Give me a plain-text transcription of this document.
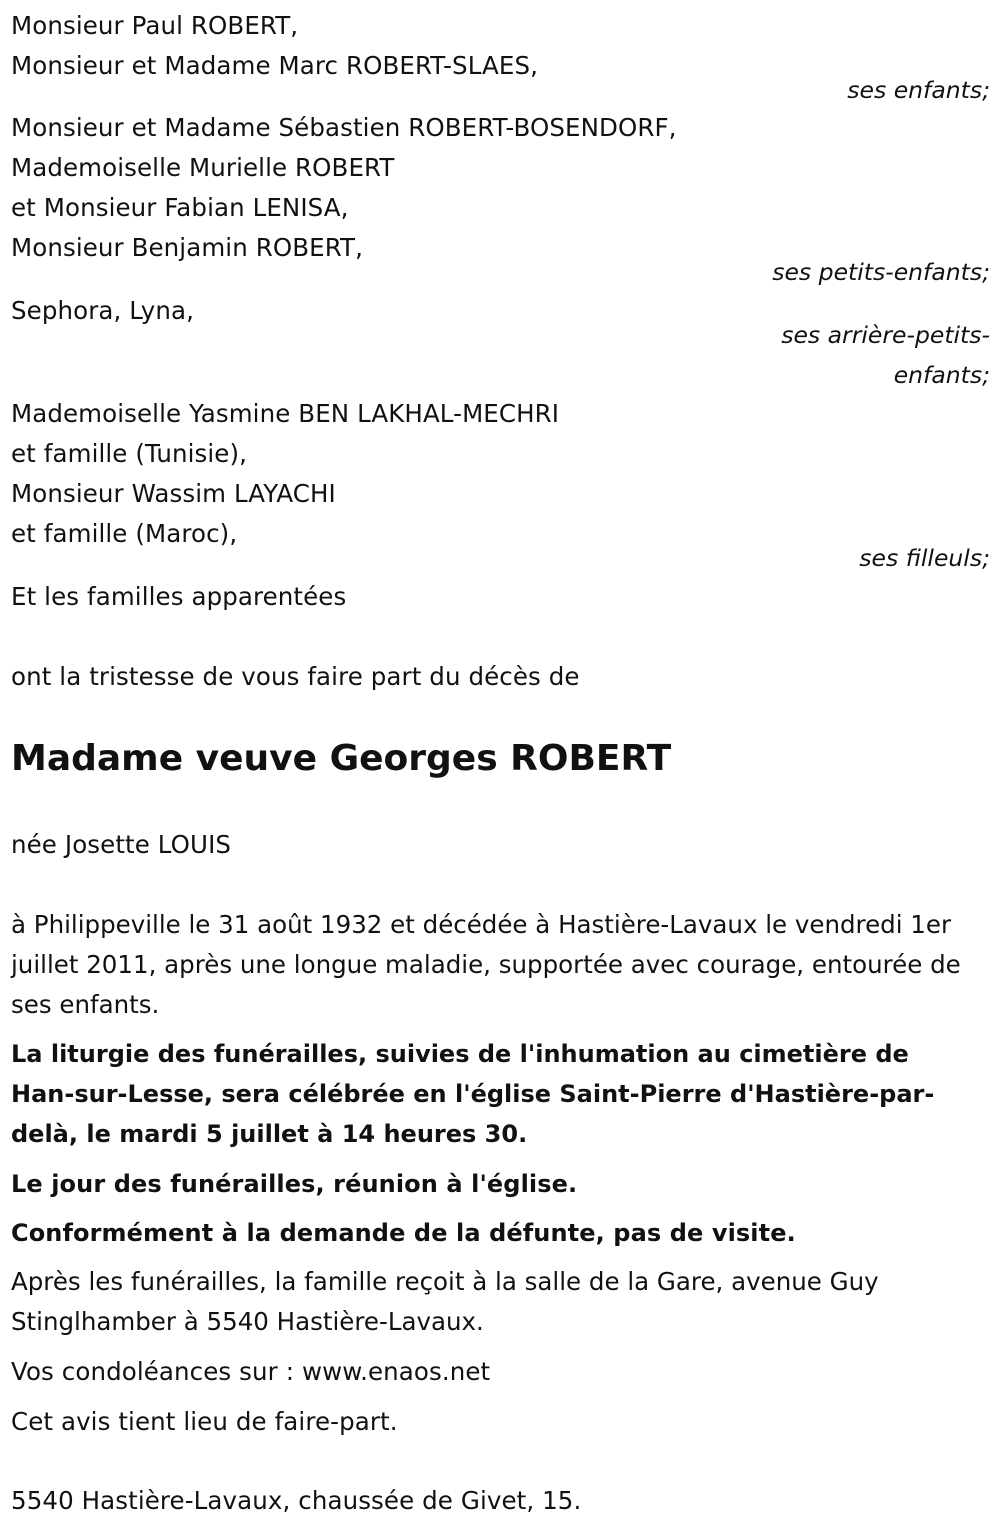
Monsieur Paul ROBERT,
Monsieur et Madame Marc ROBERT-SLAES,
ses enfants;
Monsieur et Madame Sébastien ROBERT-BOSENDORF,
Mademoiselle Murielle ROBERT
et Monsieur Fabian LENISA,
Monsieur Benjamin ROBERT,
ses petits-enfants;
Sephora, Lyna,
ses arrière-petits-
enfants;
Mademoiselle Yasmine BEN LAKHAL-MECHRI
et famille (Tunisie),
Monsieur Wassim LAYACHI
et famille (Maroc),
ses filleuls;
Et les familles apparentées
ont la tristesse de vous faire part du décès de
Madame veuve Georges ROBERT
née Josette LOUIS
à Philippeville le 31 août 1932 et décédée à Hastière-Lavaux le vendredi 1er juillet 2011, après une longue maladie, supportée avec courage, entourée de ses enfants.
La liturgie des funérailles, suivies de l'inhumation au cimetière de Han-sur-Lesse, sera célébrée en l'église Saint-Pierre d'Hastière-par-delà, le mardi 5 juillet à 14 heures 30.
Le jour des funérailles, réunion à l'église.
Conformément à la demande de la défunte, pas de visite.
Après les funérailles, la famille reçoit à la salle de la Gare, avenue Guy Stinglhamber à 5540 Hastière-Lavaux.
Vos condoléances sur : www.enaos.net
Cet avis tient lieu de faire-part.
5540 Hastière-Lavaux, chaussée de Givet, 15.
